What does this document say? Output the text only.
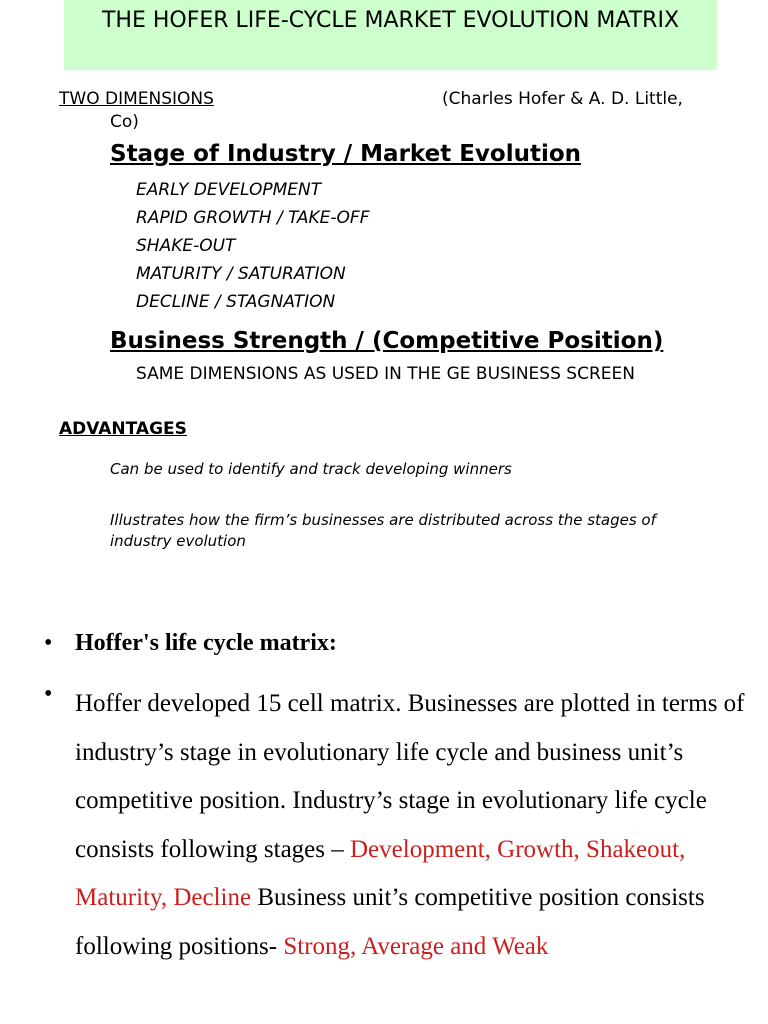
THE HOFER LIFE-CYCLE MARKET EVOLUTION MATRIX
TWO DIMENSIONS	(Charles Hofer & A. D. Little,
Co)
Stage of Industry / Market Evolution
EARLY DEVELOPMENT
RAPID GROWTH / TAKE-OFF
SHAKE-OUT
MATURITY / SATURATION
DECLINE / STAGNATION
Business Strength / (Competitive Position)
SAME DIMENSIONS AS USED IN THE GE BUSINESS SCREEN
ADVANTAGES
Can be used to identify and track developing winners
Illustrates how the firm’s businesses are distributed across the stages of industry evolution
• Hoffer's life cycle matrix:
• Hoffer developed 15 cell matrix. Businesses are plotted in terms of industry’s stage in evolutionary life cycle and business unit’s competitive position. Industry’s stage in evolutionary life cycle consists following stages – Development, Growth, Shakeout, Maturity, Decline Business unit’s competitive position consists following positions- Strong, Average and Weak
